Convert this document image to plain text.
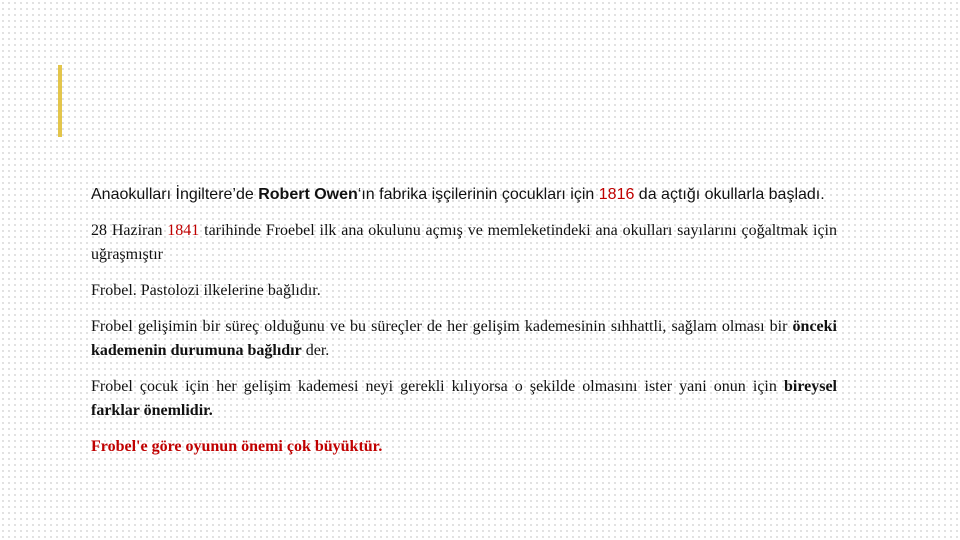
Anaokulları İngiltere’de Robert Owen‘ın fabrika işçilerinin çocukları için 1816 da açtığı okullarla başladı.

28 Haziran 1841 tarihinde Froebel ilk ana okulunu açmış ve memleketindeki ana okulları sayılarını çoğaltmak için uğraşmıştır

Frobel. Pastolozi ilkelerine bağlıdır.

Frobel gelişimin bir süreç olduğunu ve bu süreçler de her gelişim kademesinin sıhhattli, sağlam olması bir önceki kademenin durumuna bağlıdır der.

Frobel çocuk için her gelişim kademesi neyi gerekli kılıyorsa o şekilde olmasını ister yani onun için bireysel farklar önemlidir.

Frobel'e göre oyunun önemi çok büyüktür.
